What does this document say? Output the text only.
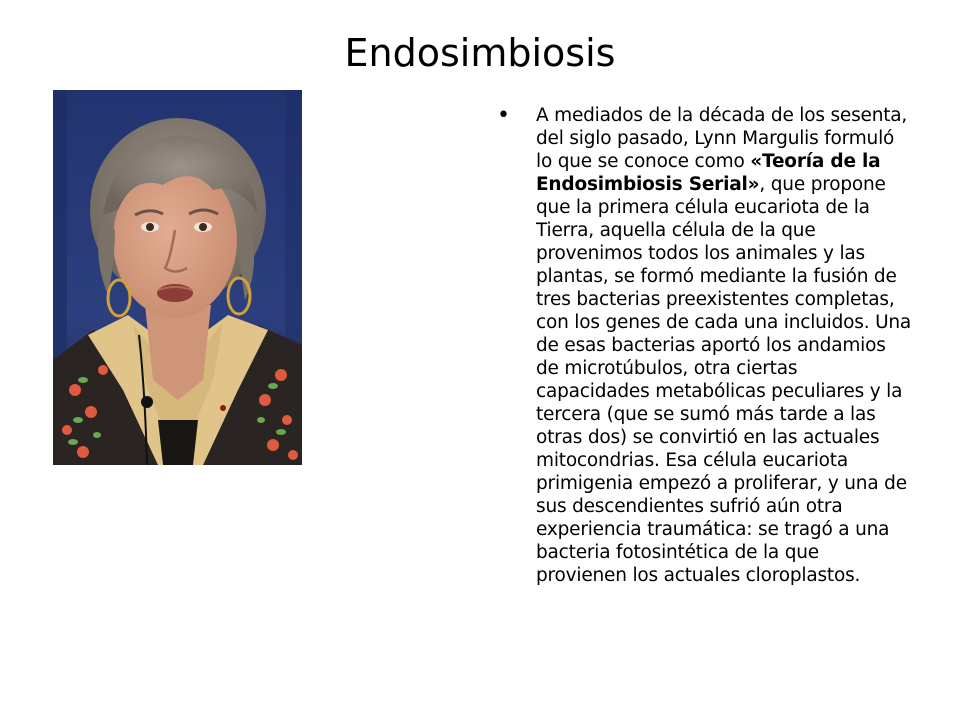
Endosimbiosis
• A mediados de la década de los sesenta, del siglo pasado, Lynn Margulis formuló lo que se conoce como «Teoría de la Endosimbiosis Serial», que propone que la primera célula eucariota de la Tierra, aquella célula de la que provenimos todos los animales y las plantas, se formó mediante la fusión de tres bacterias preexistentes completas, con los genes de cada una incluidos. Una de esas bacterias aportó los andamios de microtúbulos, otra ciertas capacidades metabólicas peculiares y la tercera (que se sumó más tarde a las otras dos) se convirtió en las actuales mitocondrias. Esa célula eucariota primigenia empezó a proliferar, y una de sus descendientes sufrió aún otra experiencia traumática: se tragó a una bacteria fotosintética de la que provienen los actuales cloroplastos.
